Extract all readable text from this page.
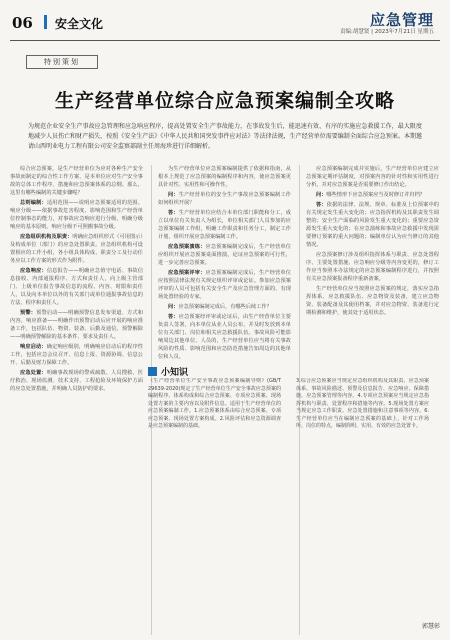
06 安全文化	应急管理
责编:胡慧贤 | 2023年7月21日 星期五
特别策划
生产经营单位综合应急预案编制全攻略
为规范企业安全生产事故应急管理和应急响应程序，提高处置安全生产事故能力，在事故发生后，能迅速有效、有序的实施应急救援工作，最大限度地减少人员伤亡和财产损失，按照《安全生产法》《中华人民共和国突发事件应对法》等法律法规，生产经营单位需要编制全面综合应急预案。本期邀请山西明业电力工程有限公司安全监察部副主任周海珍进行详细解析。

综合应急预案，是生产经营单位为应对各种生产安全事故而制定的综合性工作方案，是本单位应对生产安全事故的总体工作程序、措施和应急预案体系的总纲。那么，这里有哪些编制的关键步骤呢？

总则编制：适用范围——说明应急预案适用的范围。响应分级——依据事故危害程度、影响范围和生产经营单位控制事态的能力，对事故应急响应进行分级，明确分级响应的基本原则。响应分级不可照搬事故分级。

应急组织机构及职责：明确应急组织形式（可用图示）及构成单位（部门）的应急处置职责。应急组织机构可设置相应的工作小组，各小组具体构成、职责分工及行动任务应以工作方案的形式作为附件。

应急响应：信息报告——明确应急值守电话、事故信息接收、内部通报程序、方式和责任人，向上级主管部门、上级单位报告事故信息的流程、内容、时限和责任人，以及向本单位以外的有关部门或单位通报事故信息的方法、程序和责任人。

预警：预警启动——明确预警信息发布渠道、方式和内容。响应准备——明确作出预警启动后应开展的响应准备工作，包括队伍、物资、装备、后勤及通信。预警解除——明确预警解除的基本条件、要求及责任人。

响应启动：确定响应级别，明确响应启动后的程序性工作，包括应急会议召开、信息上报、资源协调、信息公开、后勤及财力保障工作。

应急处置：明确事故现场的警戒疏散、人员搜救、医疗救治、现场监测、技术支持、工程抢险及环境保护方面的应急处置措施，并明确人员防护的要求。

为生产经营单位应急预案编制提供了依据和指南，从根本上规范了应急预案的编制程序和内容，使应急预案更具针对性、实用性和可操作性。

问：生产经营单位的安全生产事故应急预案编制工作如何组织开展？

答：生产经营单位应结合本单位部门职能和分工，成立以单位有关负责人为组长，单位相关部门人员参加的应急预案编制工作组，明确工作职责和任务分工，制定工作计划，组织开展应急预案编制工作。

应急预案演练：应急预案编制完成后，生产经营单位应组织开展应急预案桌面推演，论证应急预案的可行性，进一步完善应急预案。

应急预案评审：应急预案编制完成后，生产经营单位应按照法律法规有关规定组织评审或论证。参加应急预案评审的人员可包括有关安全生产及应急管理方面的、有现场处置经验的专家。

问：应急预案编制完成后，有哪些后续工作？

答：应急预案经评审或论证后，由生产经营单位主要负责人签署，向本单位从业人员公布，并及时发放到本单位有关部门、岗位和相关应急救援队伍。事故风险可能影响周边其他单位、人员的，生产经营单位应当将有关事故风险的性质、影响范围和应急防范措施告知周边的其他单位和人员。

应急预案编制完成并实施后，生产经营单位应建立应急预案定期评估制度，对预案内容的针对性和实用性进行分析，并对应急预案是否需要修订作出结论。

问：哪些情形下应急预案应当及时修订并归档？

答：依据的法律、法规、规章、标准及上位预案中的有关规定发生重大变化的；应急指挥机构及其职责发生调整的；安全生产面临的风险发生重大变化的；重要应急资源发生重大变化的；在应急演练和事故应急救援中发现需要修订预案的重大问题的；编制单位认为应当修订的其他情况。

应急预案修订涉及组织指挥体系与职责、应急处置程序、主要处置措施、应急响应分级等内容变更的，修订工作应当参照本办法规定的应急预案编制程序进行，并按照有关应急预案报备程序重新备案。

生产经营单位应当按照应急预案的规定，落实应急指挥体系、应急救援队伍、应急物资及装备，建立应急物资、装备配备及其使用档案，并对应急物资、装备进行定期检测和维护，使其处于适用状态。

小知识

《生产经营单位生产安全事故应急预案编制导则》(GB/T 29639-2020)规定了生产经营单位生产安全事故应急预案的编制程序、体系构成和综合应急预案、专项应急预案、现场处置方案的主要内容以及附件信息。适用于生产经营单位的应急预案编制工作。1.应急预案体系由综合应急预案、专项应急预案、现场处置方案构成。2.风险评估和应急资源调查是应急预案编制的基础。

3.综合应急预案应当规定应急组织机构及其职责、应急预案体系、事故风险描述、预警及信息报告、应急响应、保障措施、应急预案管理等内容。4.专项应急预案应当规定应急指挥机构与职责、处置程序和措施等内容。5.现场处置方案应当规定应急工作职责、应急处置措施和注意事项等内容。6.生产经营单位应当在编制应急预案的基础上，针对工作场所、岗位的特点，编制简明、实用、有效的应急处置卡。

郭慧彰
